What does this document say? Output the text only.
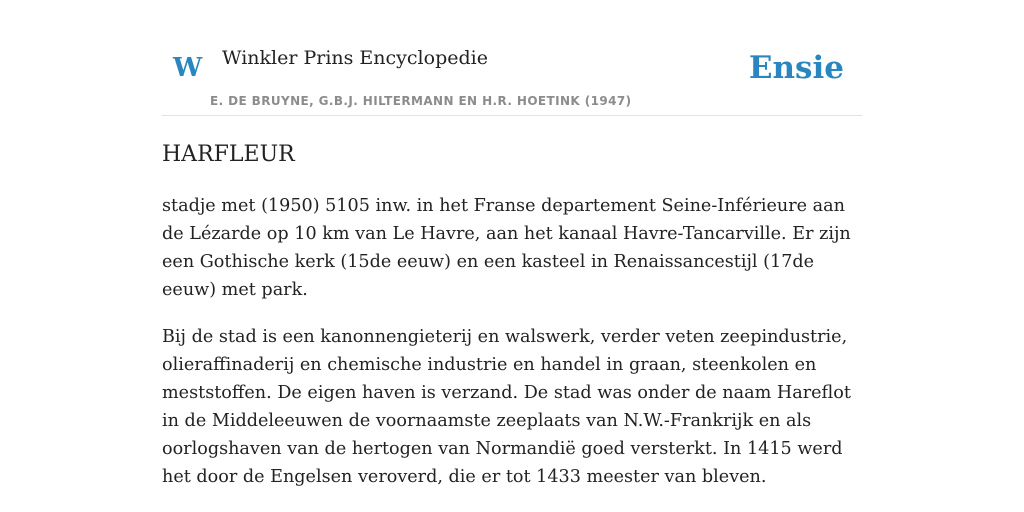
W Winkler Prins Encyclopedie
E. DE BRUYNE, G.B.J. HILTERMANN EN H.R. HOETINK (1947)
Ensie
HARFLEUR

stadje met (1950) 5105 inw. in het Franse departement Seine-Inférieure aan de Lézarde op 10 km van Le Havre, aan het kanaal Havre-Tancarville. Er zijn een Gothische kerk (15de eeuw) en een kasteel in Renaissancestijl (17de eeuw) met park.

Bij de stad is een kanonnengieterij en walswerk, verder veten zeepindustrie, olieraffinaderij en chemische industrie en handel in graan, steenkolen en meststoffen. De eigen haven is verzand. De stad was onder de naam Hareflot in de Middeleeuwen de voornaamste zeeplaats van N.W.-Frankrijk en als oorlogshaven van de hertogen van Normandië goed versterkt. In 1415 werd het door de Engelsen veroverd, die er tot 1433 meester van bleven.
